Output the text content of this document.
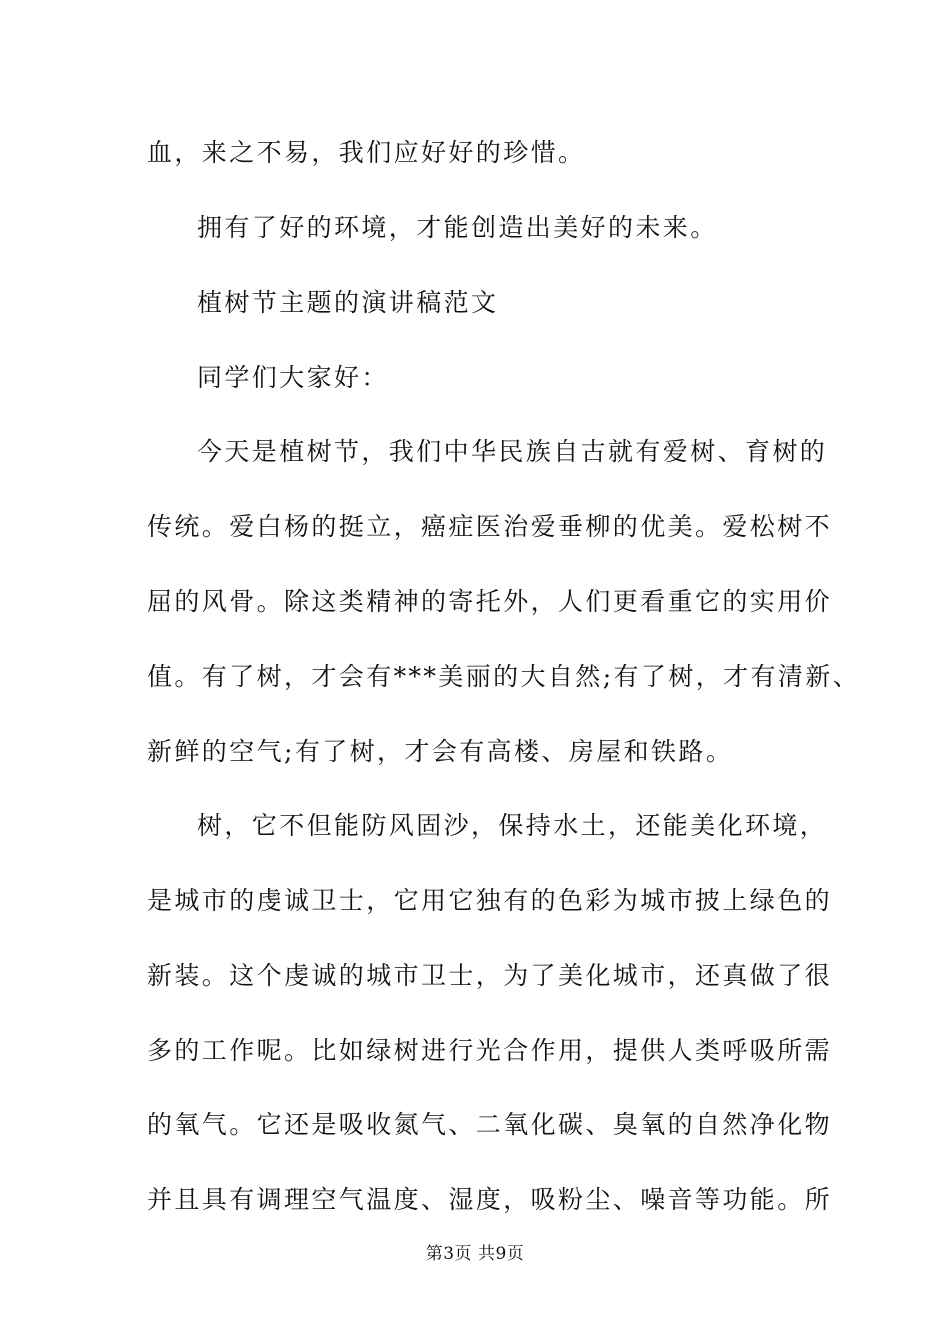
血，来之不易，我们应好好的珍惜。
拥有了好的环境，才能创造出美好的未来。
植树节主题的演讲稿范文
同学们大家好：
今天是植树节，我们中华民族自古就有爱树、育树的
传统。爱白杨的挺立，癌症医治爱垂柳的优美。爱松树不
屈的风骨。除这类精神的寄托外，人们更看重它的实用价
值。有了树，才会有***美丽的大自然;有了树，才有清新、
新鲜的空气;有了树，才会有高楼、房屋和铁路。
树，它不但能防风固沙，保持水土，还能美化环境，
是城市的虔诚卫士，它用它独有的色彩为城市披上绿色的
新装。这个虔诚的城市卫士，为了美化城市，还真做了很
多的工作呢。比如绿树进行光合作用，提供人类呼吸所需
的氧气。它还是吸收氮气、二氧化碳、臭氧的自然净化物
并且具有调理空气温度、湿度，吸粉尘、噪音等功能。所
第3页 共9页
